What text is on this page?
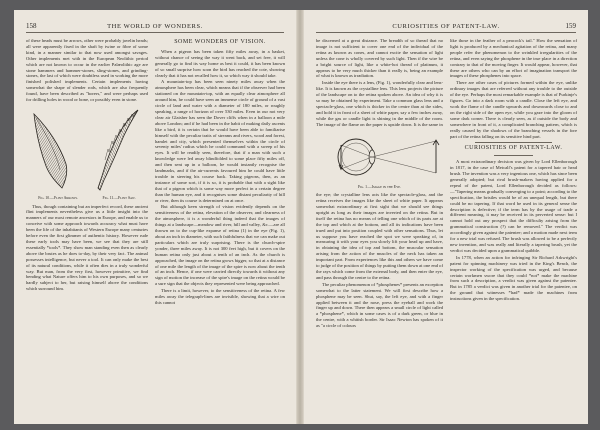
158	THE WORLD OF WONDERS.

of these heads must be arrows, other were probably javelin heads; all were apparently fixed in the shaft by twine or fibre of some kind, in a manner similar to that now used amongst savages. Other implements met with in the European Neolithic period which are not known to occur in the earlier Palæolithic age are stone hammers and hammer-stones, sling-stones, and grinding-stones, the last of which were doubtless used in working the more finished polished implements. Certain implements having somewhat the shape of slender rods, which are also frequently found, have been described as "borers," and were perhaps used for drilling holes in wood or bone, or possibly even in stone.

Fig. 10.—Flint Arrows.	Fig. 11.—Flint Saw.

Thus, though containing but an imperfect record, these ancient flint implements nevertheless give us a little insight into the manners of our most remote ancestors in Europe, and enable us to conceive with some approach towards accuracy what must have been the life of the inhabitants of Western Europe many centuries before even the first glimmer of authentic history. However rude these early tools may have been, we see that they are still essentially *tools*. They show man standing even then as clearly above the brutes as he does to-day, by their very fact. The animal possesses intelligence, but never a tool. It can only make the best of its natural conditions, while it often dies in a truly wonderful way. But man, from the very first, however primitive, we find bending what Nature offers him to his own purposes, and so we hardly subject to her, but raising himself above the conditions which surround him.

SOME WONDERS OF VISION.

When a pigeon has been taken fifty miles away, in a basket, without chance of seeing the way it went back, and set free, it will generally go to find its way home as best it could, it has been known of so small surprise how soon the bird has reached the cote, showing clearly that it has not recalled how it, so which way it should take.

A mountain-top has been seen ninety miles away when the atmosphere has been clear, which means that if the observer had been stationed on the mountain-top, with an equally clear atmosphere all around him, he could have seen an immense circle of ground of a vast circle of land and water with a diameter of 180 miles, or roughly speaking, a range of horizon of over 530 miles. Even in our not very clear air Glaisher has seen the Dover cliffs when in a balloon a mile above London; and if he had been in the habit of making daily ascents like a bird, it is certain that he would have been able to familiarise himself with the peculiar traits of streams and rivers, wood and forest, hamlet and city, which presented themselves within the circle of seventy miles' radius which he could command with a sweep of his eyes. It will be readily seen, therefore, that if a man with such a knowledge were led away blindfolded to some place fifty miles off, and then sent up in a balloon, he would instantly recognise the landmarks, and if the air-currents favoured him he could have little trouble in steering his course back. Taking pigeons, then, as an instance of some sort, if it is so, it is probable that with a sight like that of a pigeon which is some way more perfect in a certain degree than the human eye, and it recognises some distant peculiarity of hill or river, then its course is determined on at once.

But although keen strength of vision evidently depends on the sensitiveness of the retina, elevation of the observer, and clearness of the atmosphere, it is a wonderful thing indeed that the images of things at a landscape—meadow and river, hill and valley, &c.—are all thrown on to the cup-like expanse of retina (1) in the eye (Fig. 1), about an inch in diameter, with such faithfulness that we can make out particulars which are truly surprising. There is the church-spire yonder, three miles away. It is not 300 feet high, but it covers on the human retina only just about a tenth of an inch. As the church is approached, the image on the retina grows bigger, so that at a distance of one mile the length of the image of the spire is now about the tenth of an inch. Hence, if one were carried directly towards it without any sign of motion the increase of the spire's image on the retina would be a sure sign that the objects they represented were being approached.

There is a limit, however, to the sensitiveness of the retina. A few miles away the telegraph-lines are invisible, showing that a wire on this cannot

CURIOSITIES OF PATENT-LAW.	159

be discerned at a great distance. The breadth of so thread that no image is not sufficient to cover one end of the individual of the retina as known as cones, and cannot excite the sensation of light unless the cone is wholly covered by such light. Then if the wire be a bright source of light, like a white-hot thread of platinum, it appears to be very much thicker than it really is, being an example of what is known as irradiation.

Inside the eye there is a lens, (Fig. 1), wonderfully clear and lens-like. It is known as the crystalline lens. This lens projects the picture of the landscape on to the retina spoken above. An idea of why it is so may be obtained by experiment. Take a common glass lens and a spectacle-glass, one which is thicker in the centre than at the sides, and hold it in front of a sheet of white paper, say a few inches away, while the gas or candle light is shining in the middle of the room. The image of the flame on the paper is upside down. It is the same in

Fig. 1.—Image in the Eye.

the eye; the crystalline lens acts like the spectacle-glass, and the retina receives the images like the sheet of white paper. It appears somewhat extraordinary at first sight that we should see things upright as long as their images are inverted on the retina. But in itself the retina has no means of telling one which of its parts are at the top and which at the bottom, and all its indications have been trued and put into position coupled with other sensations. Thus, let us suppose you have reached the spot we were speaking of, in measuring it with your eyes you slowly lift your head up and have, in obtaining the idea of top and bottom, the muscular sensation arising from the action of the muscles of the neck has taken an important part. From experiences like this and others we have come to judge of the position of things by putting them down at one end of the rays which come from the external body, and then enter the eye, and pass through the centre to the retina.

The peculiar phenomenon of *phosphenes* presents an exception somewhat to the latter statement. We will first describe how a phosphene may be seen. Shut, say, the left eye, and with a finger applied between it and the nose, press the eyeball and work the finger up and down. There then appears a small circle of light called a *phosphene*, which in some cases is of a dark green, or blue in the centre, with a whitish border. Sir Isaac Newton has spoken of it as "a circle of colours

like those in the feather of a peacock's tail." How the sensation of light is produced by a mechanical agitation of the retina, and many people refer the phenomenon to the wrinkled irregularities of the retina, and even saying the phosphene in the true place in a direction contrary to that of the moving finger. It would appear, however, that these are others who can by an effort of imagination transport the images of these phosphenes into space.

There are other cases of pictures formed within the eye, unlike ordinary images that are referred without any trouble to the outside of the eye. Perhaps the most remarkable example is that of Purkinje's figures. Go into a dark room with a candle. Close the left eye, and work the flame of the candle upwards and downwards close to and on the right side of the open eye, while you gaze into the gloom of some dark corner. There is clearly seen, as if outside the body and somewhere in front of it, a complicated branching pattern, which is really caused by the shadows of the branching vessels in the fore part of the retina falling on its sensitive hind part.

CURIOSITIES OF PATENT-LAW.

A most extraordinary decision was given by Lord Ellenborough in 1817, in the case of Metcalf's patent for a tapered hair or head brush. The invention was a very ingenious one, which has since been generally adopted; but rival brush-makers having applied for a repeal of the patent, Lord Ellenborough decided as follows:—"Tapering means gradually converging to a point; according to the specification, the bristles would be of an unequal length, but there could be no tapering. If that word be used in its general sense the description is defective; if the term has by the usage of trade a different meaning, it may be received in its perverted sense: but I cannot hold out any prospect that the difficulty arising from the grammatical construction (?) can be removed." The verdict was accordingly given against the patentee; and a motion made next term for a new trial was refused. The brush was allowed to be a perfectly new invention, and was really and literally a tapering brush, yet the verdict was decided upon a grammatical quibble.

In 1778, when an action for infringing Sir Richard Arkwright's patent for spinning machinery was tried in the King's Bench, the inspector working of the specification was urged, and because certain workmen swore that they could *not* make the machine from such a description, a verdict was given against the patentee. But in 1785 a verdict was given in another trial for the patentee, on the ground that witnesses *had* made the machines from instructions given in the specification.
